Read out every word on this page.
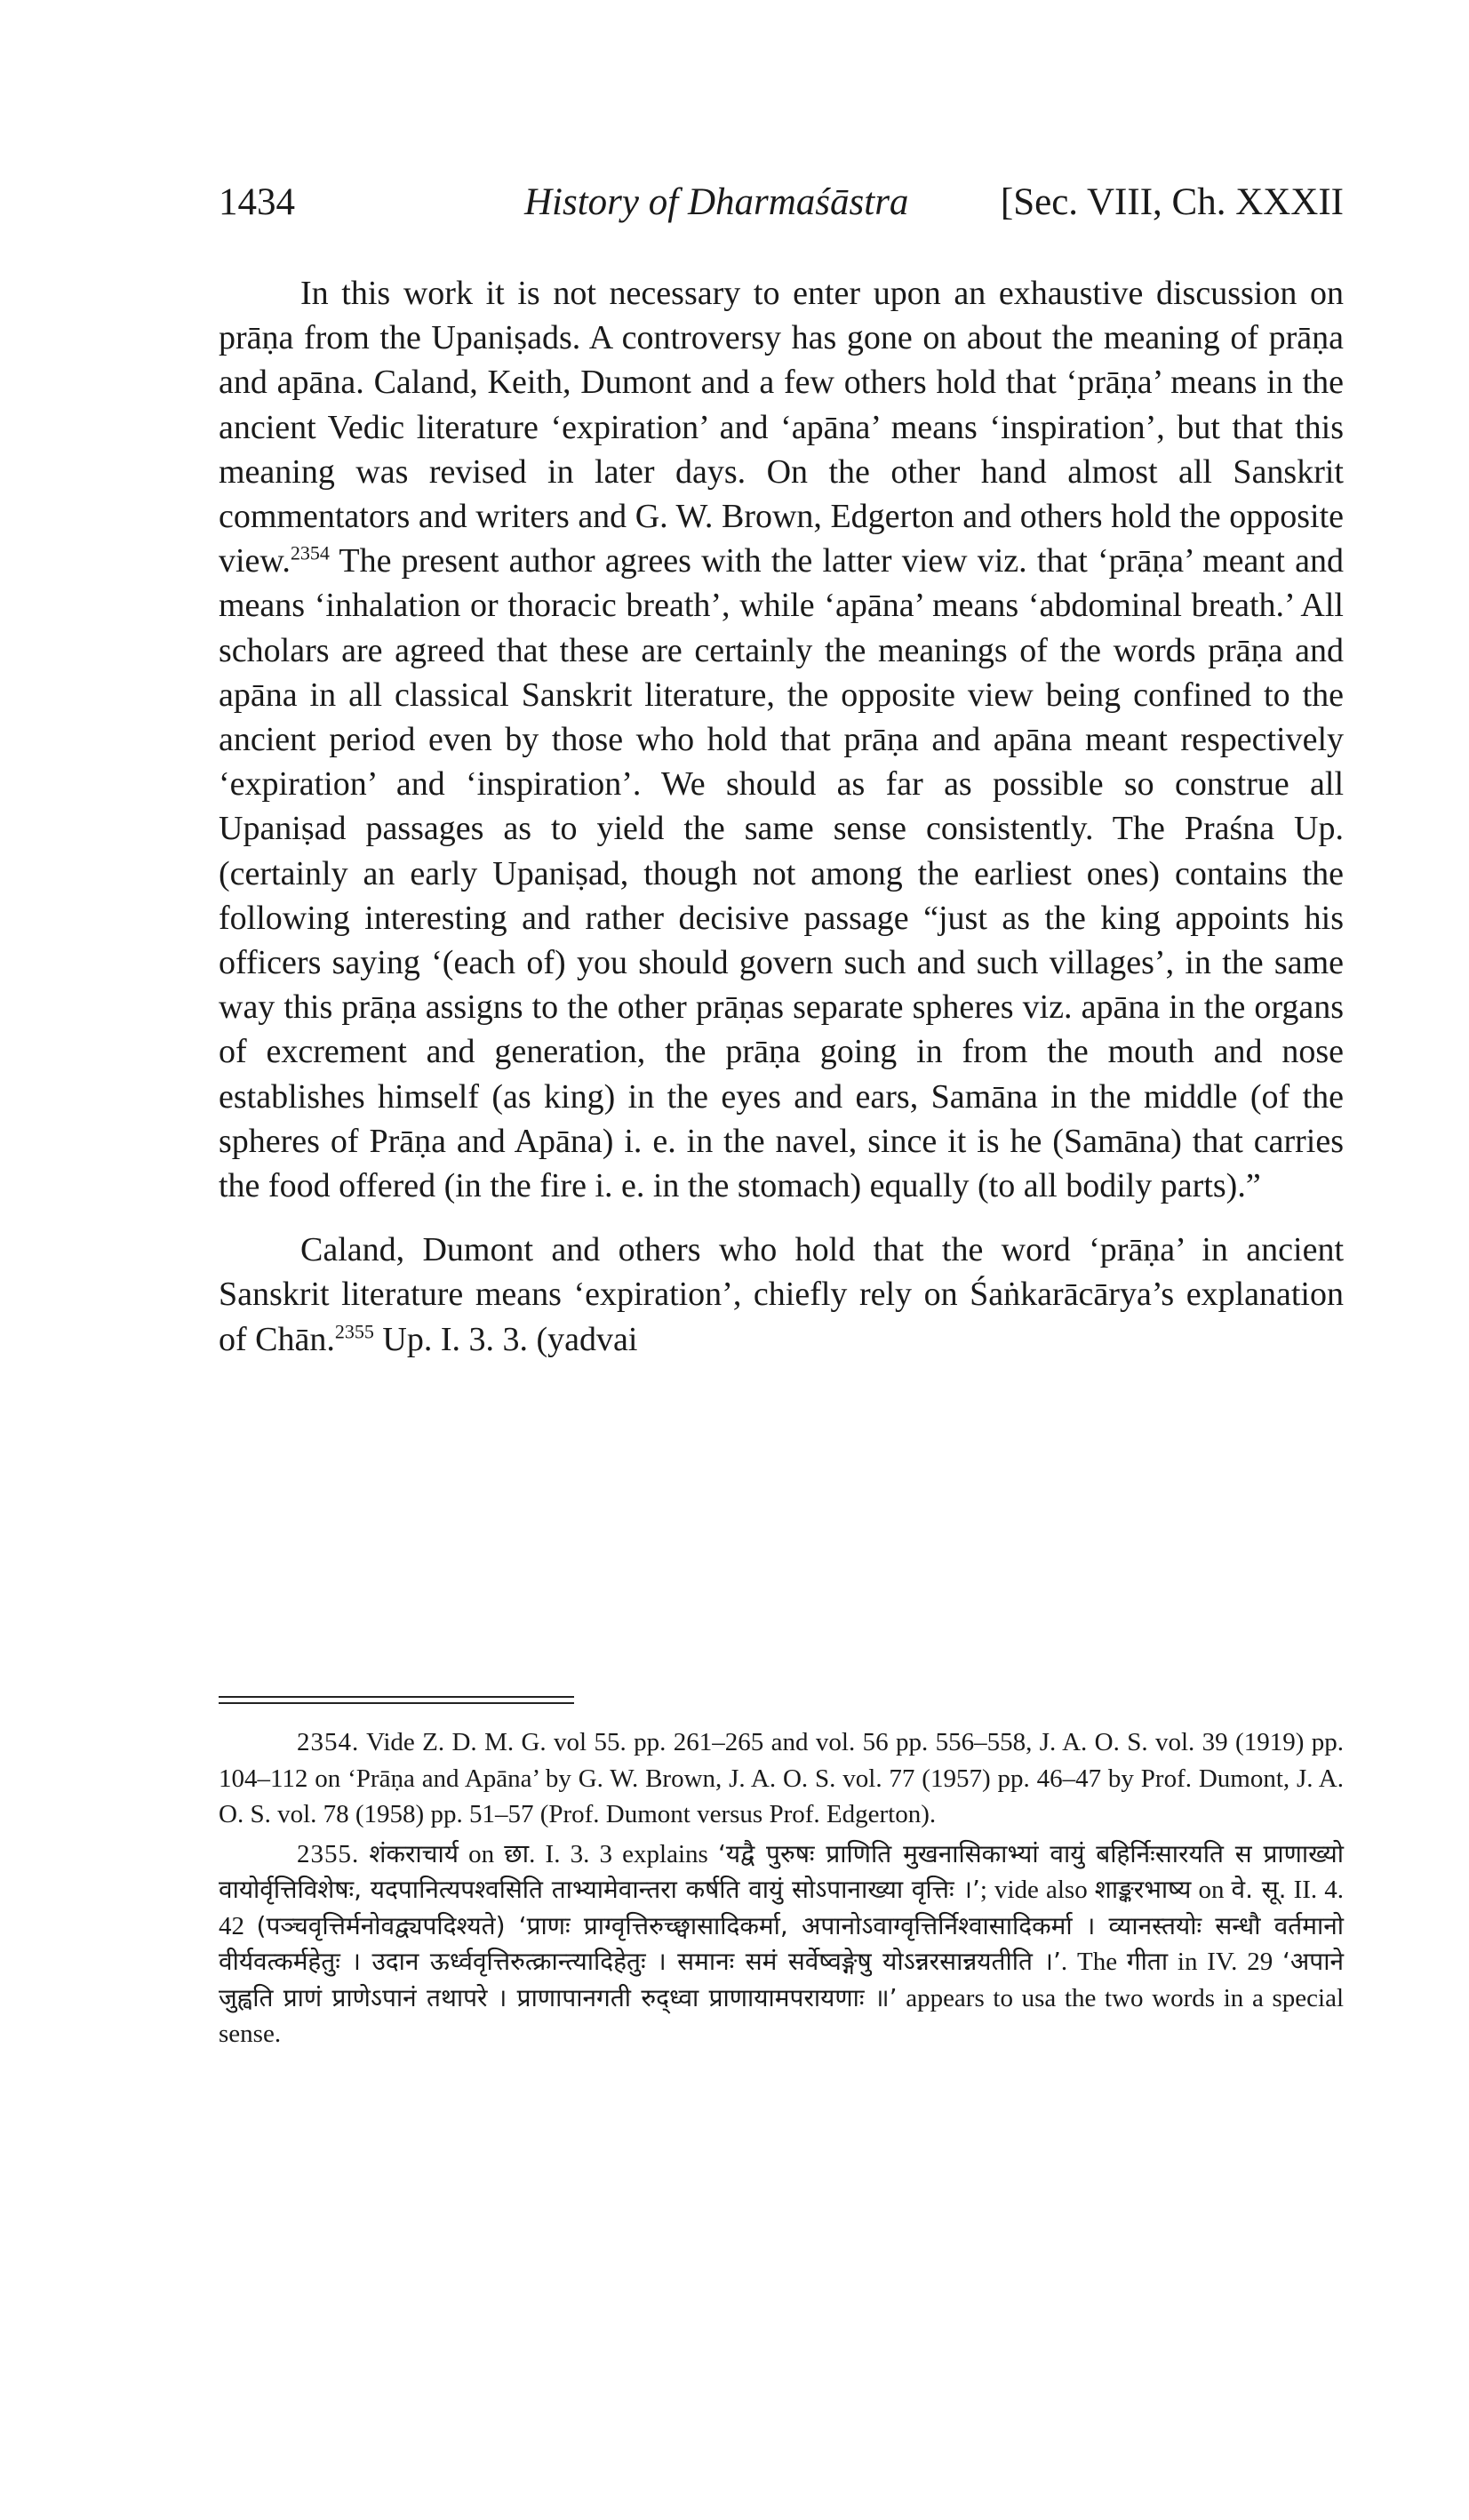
1434	History of Dharmaśāstra [Sec. VIII, Ch. XXXII

In this work it is not necessary to enter upon an exhaustive discussion on prāṇa from the Upaniṣads. A controversy has gone on about the meaning of prāṇa and apāna. Caland, Keith, Dumont and a few others hold that ‘prāṇa’ means in the ancient Vedic literature ‘expiration’ and ‘apāna’ means ‘inspiration’, but that this meaning was revised in later days. On the other hand almost all Sanskrit commentators and writers and G. W. Brown, Edgerton and others hold the opposite view.$^{2354}$ The present author agrees with the latter view viz. that ‘prāṇa’ meant and means ‘inhalation or thoracic breath’, while ‘apāna’ means ‘abdominal breath.’ All scholars are agreed that these are certainly the meanings of the words prāṇa and apāna in all classical Sanskrit literature, the opposite view being confined to the ancient period even by those who hold that prāṇa and apāna meant respectively ‘expiration’ and ‘inspiration’. We should as far as possible so construe all Upaniṣad passages as to yield the same sense consistently. The Praśna Up. (certainly an early Upaniṣad, though not among the earliest ones) contains the following interesting and rather decisive passage “just as the king appoints his officers saying ‘(each of) you should govern such and such villages’, in the same way this prāṇa assigns to the other prāṇas separate spheres viz. apāna in the organs of excrement and generation, the prāṇa going in from the mouth and nose establishes himself (as king) in the eyes and ears, Samāna in the middle (of the spheres of Prāṇa and Apāna) i. e. in the navel, since it is he (Samāna) that carries the food offered (in the fire i. e. in the stomach) equally (to all bodily parts).”

Caland, Dumont and others who hold that the word ‘prāṇa’ in ancient Sanskrit literature means ‘expiration’, chiefly rely on Śaṅkarācārya’s explanation of Chān.$^{2355}$ Up. I. 3. 3. (yadvai

2354. Vide Z. D. M. G. vol 55. pp. 261–265 and vol. 56 pp. 556–558, J. A. O. S. vol. 39 (1919) pp. 104–112 on ‘Prāṇa and Apāna’ by G. W. Brown, J. A. O. S. vol. 77 (1957) pp. 46–47 by Prof. Dumont, J. A. O. S. vol. 78 (1958) pp. 51–57 (Prof. Dumont versus Prof. Edgerton).

2355. शंकराचार्य on छा. I. 3. 3 explains ‘यद्वै पुरुषः प्राणिति मुखनासिकाभ्यां वायुं बहिर्निःसारयति स प्राणाख्यो वायोर्वृत्तिविशेषः, यदपानित्यपश्वसिति ताभ्यामेवान्तरा कर्षति वायुं सोऽपानाख्या वृत्तिः ।’; vide also शाङ्करभाष्य on वे. सू. II. 4. 42 (पञ्चवृत्तिर्मनोवद्व्यपदिश्यते) ‘प्राणः प्राग्वृत्तिरुच्छ्वासादिकर्मा, अपानोऽवाग्वृत्तिर्निश्वासादिकर्मा । व्यानस्तयोः सन्धौ वर्तमानो वीर्यवत्कर्महेतुः । उदान ऊर्ध्ववृत्तिरुत्क्रान्त्यादिहेतुः । समानः समं सर्वेष्वङ्गेषु योऽन्नरसान्नयतीति ।’. The गीता in IV. 29 ‘अपाने जुह्वति प्राणं प्राणेऽपानं तथापरे । प्राणापानगती रुद्ध्वा प्राणायामपरायणाः ॥’ appears to usa the two words in a special sense.
